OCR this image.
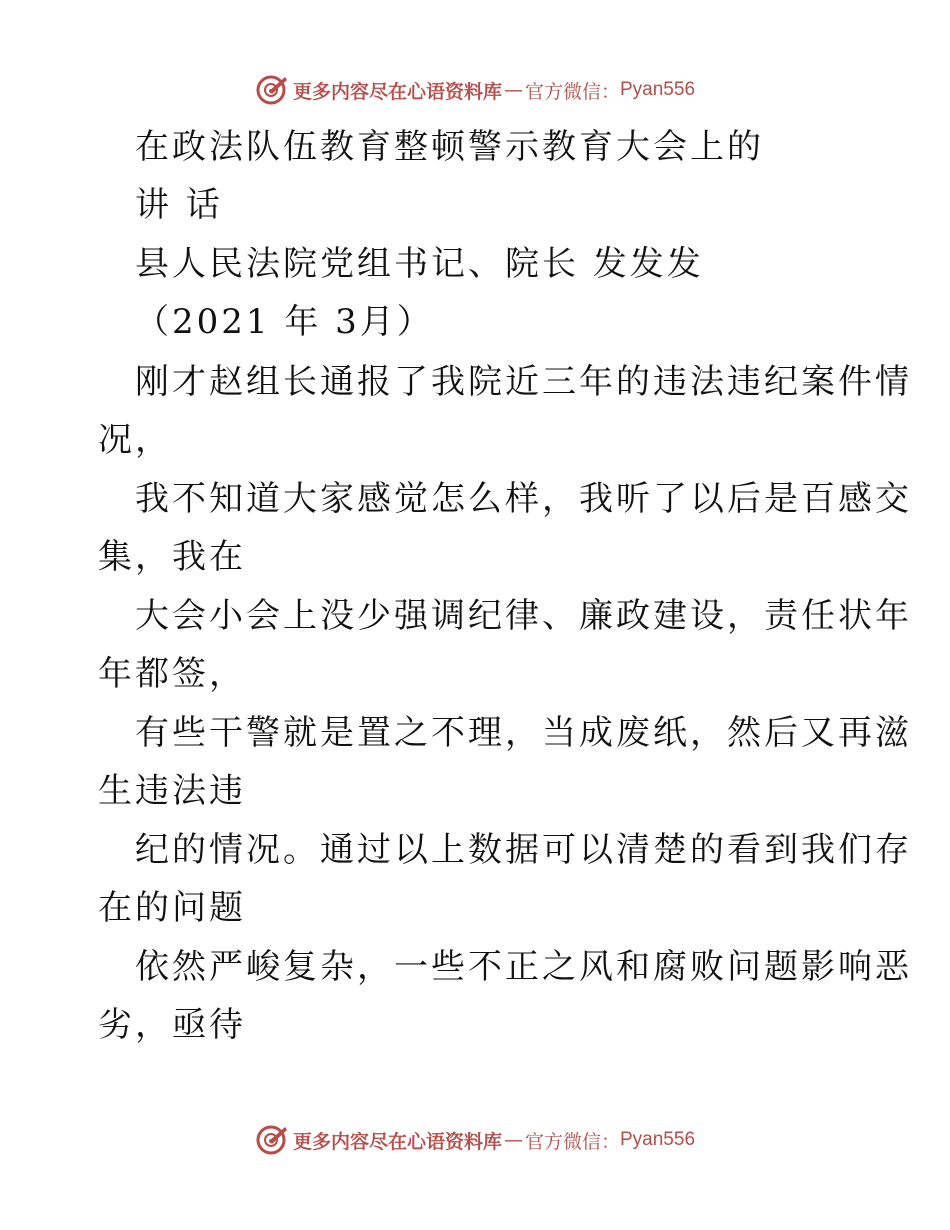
更多内容尽在心语资料库 — 官方微信： Pyan556
在政法队伍教育整顿警示教育大会上的
讲 话
县人民法院党组书记、院长 发发发
（2021 年 3月）
刚才赵组长通报了我院近三年的违法违纪案件情
况，
我不知道大家感觉怎么样，我听了以后是百感交
集，我在
大会小会上没少强调纪律、廉政建设，责任状年
年都签，
有些干警就是置之不理，当成废纸，然后又再滋
生违法违
纪的情况。通过以上数据可以清楚的看到我们存
在的问题
依然严峻复杂，一些不正之风和腐败问题影响恶
劣，亟待
更多内容尽在心语资料库 — 官方微信： Pyan556
